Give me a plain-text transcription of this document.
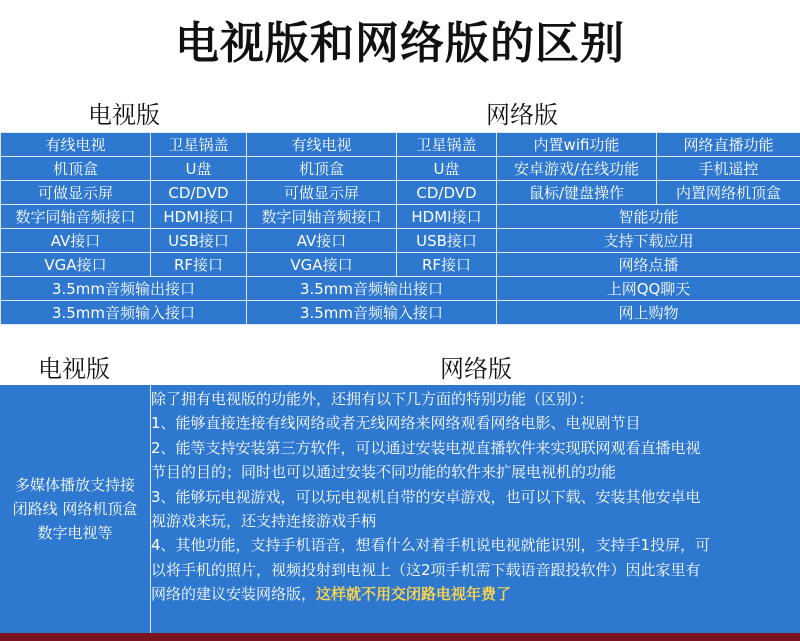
电视版和网络版的区别
电视版	网络版
有线电视	卫星锅盖	有线电视	卫星锅盖	内置wifi功能	网络直播功能
机顶盒	U盘	机顶盒	U盘	安卓游戏/在线功能	手机遥控
可做显示屏	CD/DVD	可做显示屏	CD/DVD	鼠标/键盘操作	内置网络机顶盒
数字同轴音频接口	HDMI接口	数字同轴音频接口	HDMI接口	智能功能	
AV接口	USB接口	AV接口	USB接口	支持下载应用	
VGA接口	RF接口	VGA接口	RF接口	网络点播	
3.5mm音频输出接口		3.5mm音频输出接口		上网QQ聊天	
3.5mm音频输入接口		3.5mm音频输入接口		网上购物	
电视版	网络版
多媒体播放支持接
闭路线 网络机顶盒
数字电视等
除了拥有电视版的功能外，还拥有以下几方面的特别功能（区别）：
1、能够直接连接有线网络或者无线网络来网络观看网络电影、电视剧节目
2、能等支持安装第三方软件，可以通过安装电视直播软件来实现联网观看直播电视
节目的目的；同时也可以通过安装不同功能的软件来扩展电视机的功能
3、能够玩电视游戏，可以玩电视机自带的安卓游戏，也可以下载、安装其他安卓电
视游戏来玩，还支持连接游戏手柄
4、其他功能，支持手机语音，想看什么对着手机说电视就能识别，支持手1投屏，可
以将手机的照片，视频投射到电视上（这2项手机需下载语音跟投软件）因此家里有
网络的建议安装网络版，这样就不用交闭路电视年费了
